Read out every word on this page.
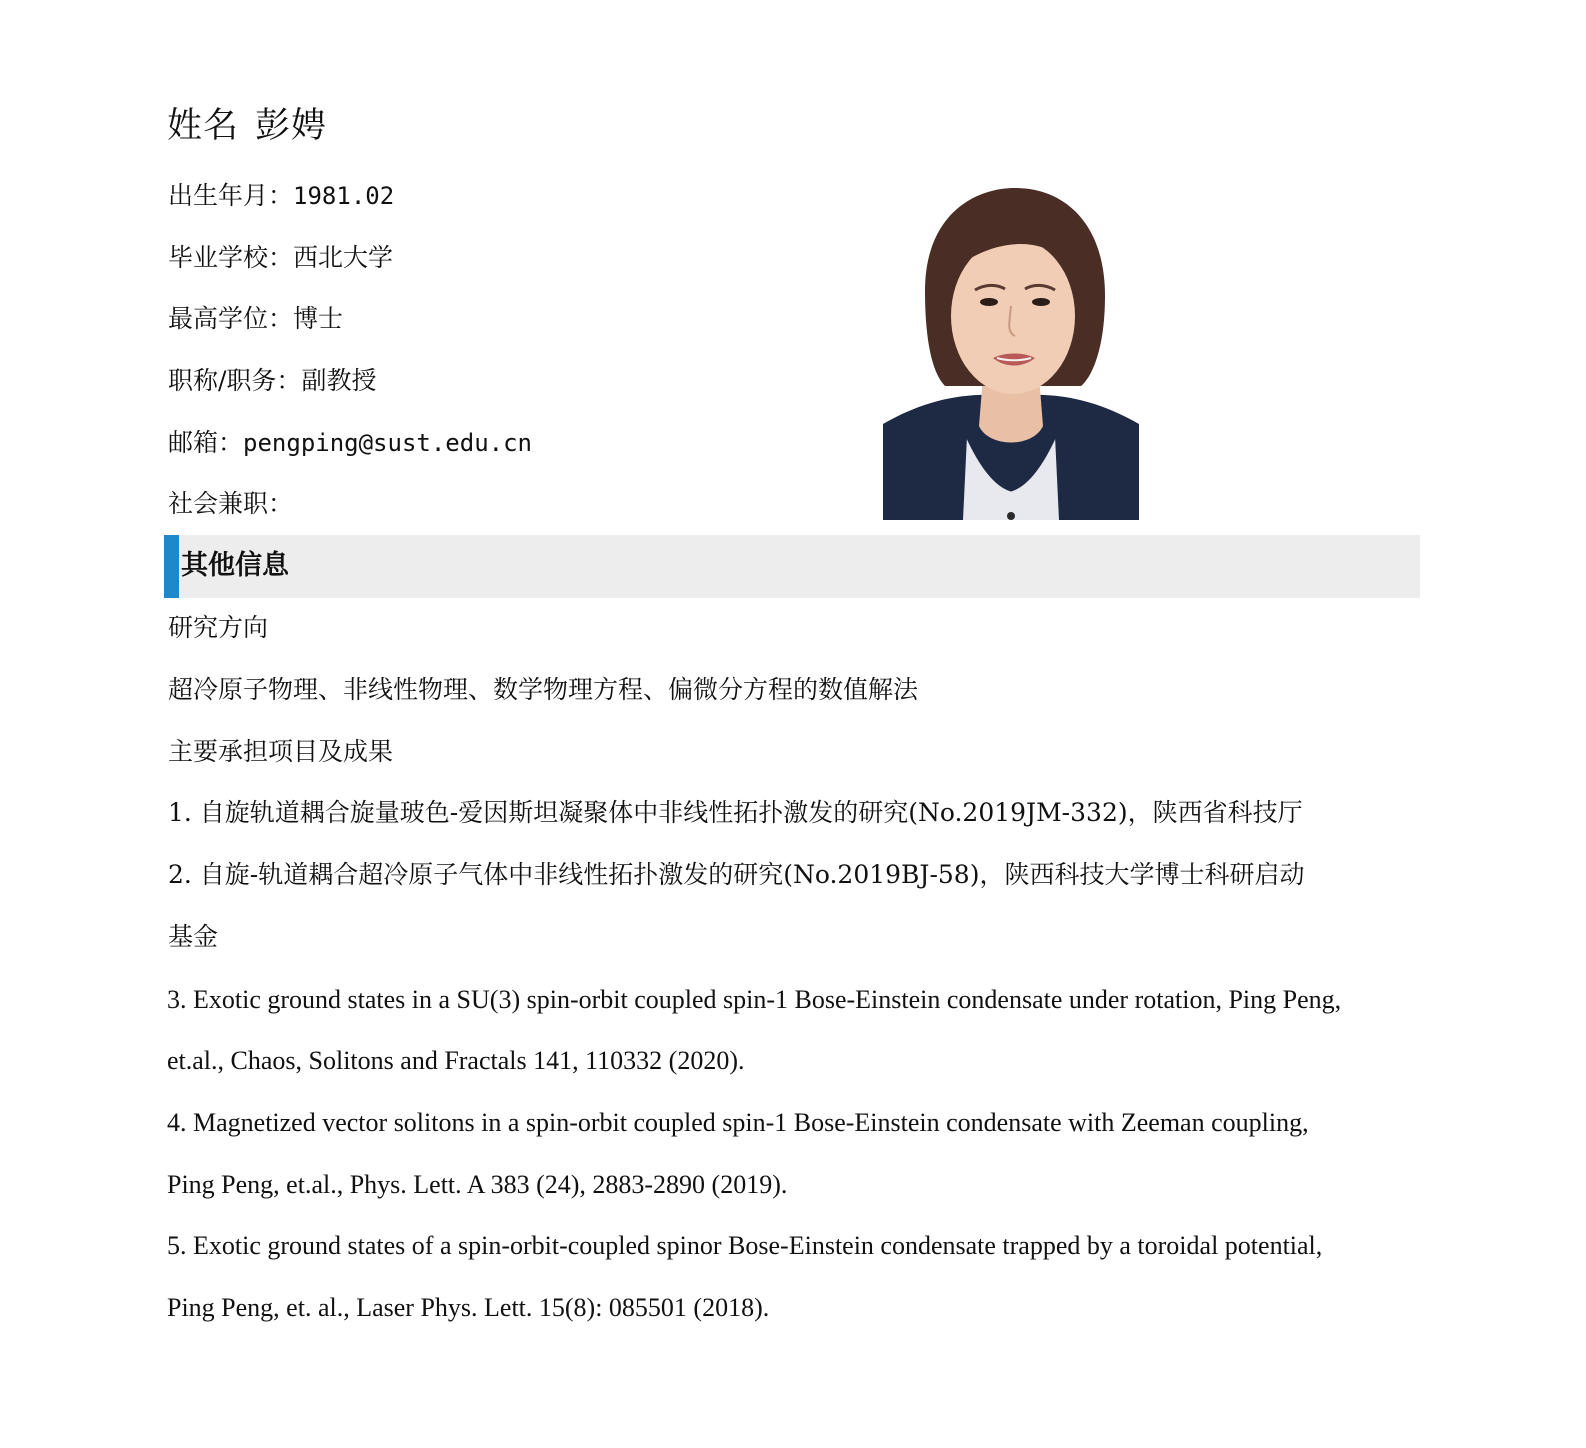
姓名 彭娉
出生年月：1981.02
毕业学校：西北大学
最高学位：博士
职称/职务：副教授
邮箱：pengping@sust.edu.cn
社会兼职：
其他信息
研究方向
超冷原子物理、非线性物理、数学物理方程、偏微分方程的数值解法
主要承担项目及成果
1. 自旋轨道耦合旋量玻色-爱因斯坦凝聚体中非线性拓扑激发的研究(No.2019JM-332)，陕西省科技厅
2. 自旋-轨道耦合超冷原子气体中非线性拓扑激发的研究(No.2019BJ-58)，陕西科技大学博士科研启动
基金
3. Exotic ground states in a SU(3) spin-orbit coupled spin-1 Bose-Einstein condensate under rotation, Ping Peng,
et.al., Chaos, Solitons and Fractals 141, 110332 (2020).
4. Magnetized vector solitons in a spin-orbit coupled spin-1 Bose-Einstein condensate with Zeeman coupling,
Ping Peng, et.al., Phys. Lett. A 383 (24), 2883-2890 (2019).
5. Exotic ground states of a spin-orbit-coupled spinor Bose-Einstein condensate trapped by a toroidal potential,
Ping Peng, et. al., Laser Phys. Lett. 15(8): 085501 (2018).
